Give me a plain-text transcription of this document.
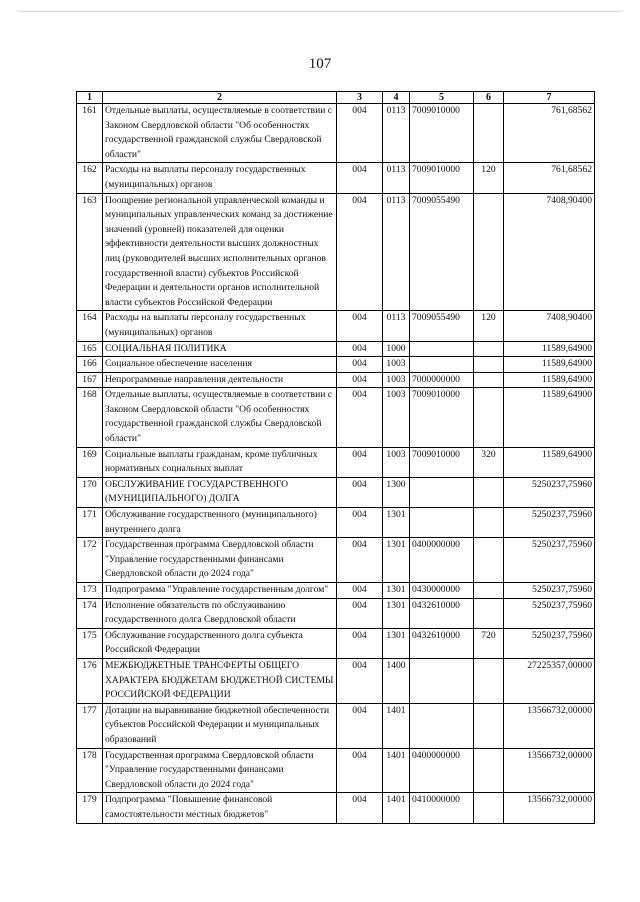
107
1	2	3	4	5	6	7
161	Отдельные выплаты, осуществляемые в соответствии с Законом Свердловской области "Об особенностях государственной гражданской службы Свердловской области"	004	0113	7009010000		761,68562
162	Расходы на выплаты персоналу государственных (муниципальных) органов	004	0113	7009010000	120	761,68562
163	Поощрение региональной управленческой команды и муниципальных управленческих команд за достижение значений (уровней) показателей для оценки эффективности деятельности высших должностных лиц (руководителей высших исполнительных органов государственной власти) субъектов Российской Федерации и деятельности органов исполнительной власти субъектов Российской Федерации	004	0113	7009055490		7408,90400
164	Расходы на выплаты персоналу государственных (муниципальных) органов	004	0113	7009055490	120	7408,90400
165	СОЦИАЛЬНАЯ ПОЛИТИКА	004	1000			11589,64900
166	Социальное обеспечение населения	004	1003			11589,64900
167	Непрограммные направления деятельности	004	1003	7000000000		11589,64900
168	Отдельные выплаты, осуществляемые в соответствии с Законом Свердловской области "Об особенностях государственной гражданской службы Свердловской области"	004	1003	7009010000		11589,64900
169	Социальные выплаты гражданам, кроме публичных нормативных социальных выплат	004	1003	7009010000	320	11589,64900
170	ОБСЛУЖИВАНИЕ ГОСУДАРСТВЕННОГО (МУНИЦИПАЛЬНОГО) ДОЛГА	004	1300			5250237,75960
171	Обслуживание государственного (муниципального) внутреннего долга	004	1301			5250237,75960
172	Государственная программа Свердловской области "Управление государственными финансами Свердловской области до 2024 года"	004	1301	0400000000		5250237,75960
173	Подпрограмма "Управление государственным долгом"	004	1301	0430000000		5250237,75960
174	Исполнение обязательств по обслуживанию государственного долга Свердловской области	004	1301	0432610000		5250237,75960
175	Обслуживание государственного долга субъекта Российской Федерации	004	1301	0432610000	720	5250237,75960
176	МЕЖБЮДЖЕТНЫЕ ТРАНСФЕРТЫ ОБЩЕГО ХАРАКТЕРА БЮДЖЕТАМ БЮДЖЕТНОЙ СИСТЕМЫ РОССИЙСКОЙ ФЕДЕРАЦИИ	004	1400			27225357,00000
177	Дотации на выравнивание бюджетной обеспеченности субъектов Российской Федерации и муниципальных образований	004	1401			13566732,00000
178	Государственная программа Свердловской области "Управление государственными финансами Свердловской области до 2024 года"	004	1401	0400000000		13566732,00000
179	Подпрограмма "Повышение финансовой самостоятельности местных бюджетов"	004	1401	0410000000		13566732,00000
